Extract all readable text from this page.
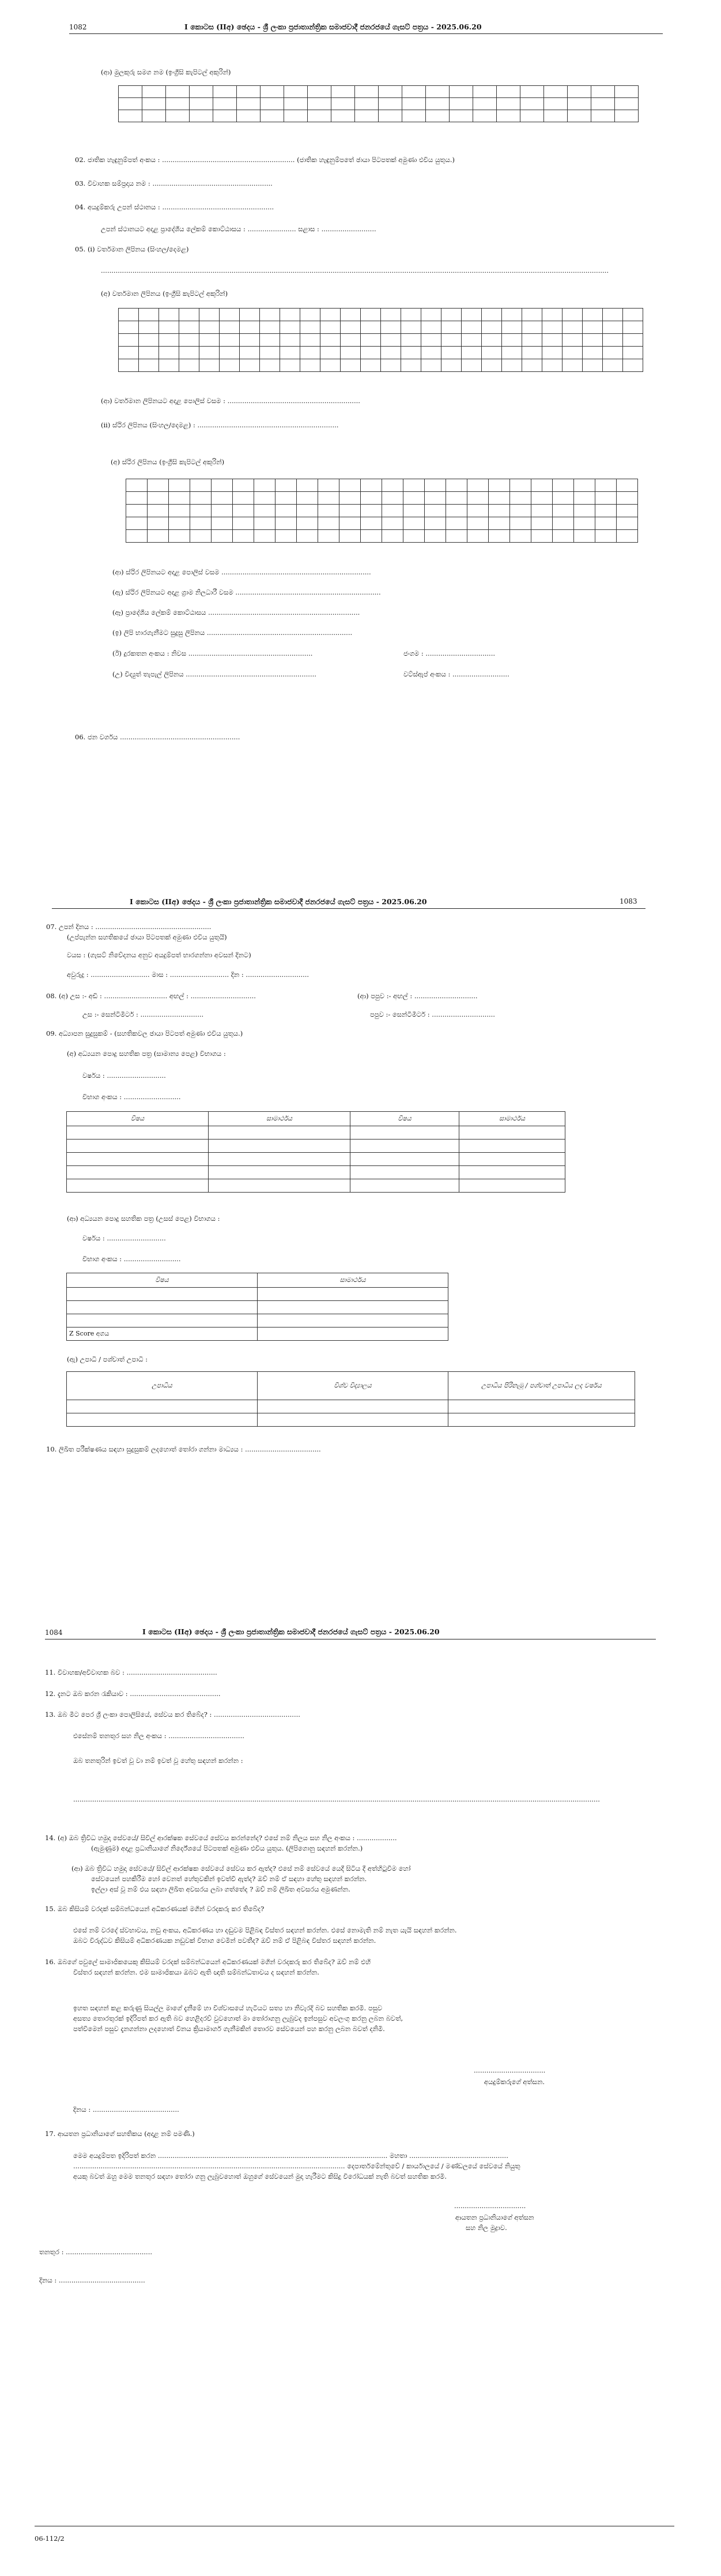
1082	I කොටස (IIඅ) ඡෙදය - ශ්‍රී ලංකා ප්‍රජාතාන්ත්‍රික සමාජවාදී ජනරජයේ ගැසට් පත්‍රය - 2025.06.20
(ආ) මුලකුරු සමග නම (ඉංග්‍රීසි කැපිටල් අකුරින්)

02. ජාතික හැඳුනුම්පත් අංකය : ............................................................... (ජාතික හැඳුනුම්පතේ ඡායා පිටපතක් අමුණා එවිය යුතුය.)
03. විවාහක සම්ප්‍රදාය නම : .........................................................
04. අයදුම්කරු උපන් ස්ථානය : .....................................................
උපන් ස්ථානයට අදාළ ප්‍රාදේශීය ලේකම් කොට්ඨාසය : ....................... සළාස : ..........................
05. (i) වර්තමාන ලිපිනය (සිංහල/දෙමළ)
.................................................................................................................................................................................................................................................
(අ) වර්තමාන ලිපිනය (ඉංග්‍රීසි කැපිටල් අකුරින්)

(ආ) වර්තමාන ලිපිනයට අදාළ පොලිස් වසම : ...............................................................
(ii) ස්ථිර ලිපිනය (සිංහල/දෙමළ) : ...................................................................
(අ) ස්ථිර ලිපිනය (ඉංග්‍රීසි කැපිටල් අකුරින්)

(ආ) ස්ථිර ලිපිනයට අදාළ පොලිස් වසම .......................................................................
(ඇ) ස්ථිර ලිපිනයට අදාළ ග්‍රාම නිලධාරී වසම .....................................................................
(ඈ) ප්‍රාදේශීය ලේකම් කොට්ඨාසය ........................................................................
(ඉ) ලිපි භාරගැනීමට සුදුසු ලිපිනය .....................................................................
(ඊ) දුරකතන අංකය : නිවස ...........................................................	ජංගම : .................................
(උ) විද්‍යුත් තැපැල් ලිපිනය ..............................................................	වට්ස්ඇප් අංකය : ...........................
06. ජන වර්ගය .........................................................
I කොටස (IIඅ) ඡෙදය - ශ්‍රී ලංකා ප්‍රජාතාන්ත්‍රික සමාජවාදී ජනරජයේ ගැසට් පත්‍රය - 2025.06.20	1083
07. උපන් දිනය : .......................................................
(උප්පැන්න සහතිකයේ ඡායා පිටපතක් අමුණා එවිය යුතුයි)
වයස : (ගැසට් නිවේදනය අනුව අයදුම්පත් භාරගන්නා අවසන් දිනට)
අවුරුදු : ............................ මාස : ............................ දින : ..............................
08. (අ) උස :- අඩි : .............................. අඟල් : ...............................	(ආ) පපුව :- අඟල් : ..............................
උස :- සෙන්ටිමීටර් : ..............................	පපුව :- සෙන්ටිමීටර් : ..............................
09. අධ්‍යාපන සුදුසුකම් - (සහතිකවල ඡායා පිටපත් අමුණා එවිය යුතුය.)
(අ) අධ්‍යයන පොදු සහතික පත්‍ර (සාමාන්‍ය පෙළ) විභාගය :
වර්ෂය : ............................
විභාග අංකය : ...........................
විෂය	සාමාර්ථය	විෂය	සාමාර්ථය

(ආ) අධ්‍යයන පොදු සහතික පත්‍ර (උසස් පෙළ) විභාගය :
වර්ෂය : ............................
විභාග අංකය : ...........................
විෂය	සාමාර්ථය

Z Score අගය	
(ඇ) උපාධි / පශ්චාත් උපාධි :
උපාධිය	විශ්ව විද්‍යාලය	උපාධිය පිරිනැමූ / පශ්චාත් උපාධිය ලද වර්ෂය

10. ලිඛිත පරීක්ෂණය සඳහා සුදුසුකම් ලදහොත් තෝරා ගන්නා මාධ්‍යය : ....................................
1084	I කොටස (IIඅ) ඡෙදය - ශ්‍රී ලංකා ප්‍රජාතාන්ත්‍රික සමාජවාදී ජනරජයේ ගැසට් පත්‍රය - 2025.06.20
11. විවාහක/අවිවාහක බව : ...........................................
12. දැනට ඔබ කරන රැකියාව : ...........................................
13. ඔබ මීට පෙර ශ්‍රී ලංකා පොලිසියේ, සේවය කර තිබේද? : .........................................
එසේනම් තනතුර සහ නිල අංකය : ....................................
ඔබ තනතුරින් ඉවත් වූ වා නම් ඉවත් වූ හේතු සඳහන් කරන්න :
..........................................................................................................................................................................................................................................................
14. (අ) ඔබ ත්‍රිවිධ හමුදා සේවයේ/ සිවිල් ආරක්ෂක සේවයේ සේවය කරන්නේද? එසේ නම් නිලය සහ නිල අංකය : ...................
(ඇමුණුම) අදාළ ප්‍රධානියාගේ නිර්දේශයේ පිටපතක් අමුණා එවිය යුතුය. (ලිපිගොනු සඳහන් කරන්න.)
(ආ) ඔබ ත්‍රිවිධ හමුදා සේවයේ/ සිවිල් ආරක්ෂක සේවයේ සේවය කර ඇත්ද? එසේ නම් සේවයේ යෙදී සිටිය දී අත්හිටුවීම හෝ
සේවයෙන් පහකිරීම හෝ වෙනත් හේතුවකින් ඉවත්වී ඇත්ද? ඔව් නම් ඒ සඳහා හේතු සඳහන් කරන්න.
ඉල්ලා අස් වූ නම් එය සඳහා ලිඛිත අවසරය ලබා ගත්තේද ? ඔව් නම් ලිඛිත අවසරය අමුණන්න.
15. ඔබ කිසියම් වරදක් සම්බන්ධයෙන් අධිකරණයක් මගින් වරදකරු කර තිබේද?
එසේ නම් වරදේ ස්වභාවය, නඩු අංකය, අධිකරණය හා දඬුවම පිළිබඳ විස්තර සඳහන් කරන්න. එසේ නොමැති නම් නැත යැයි සඳහන් කරන්න.
ඔබට විරුද්ධව කිසියම් අධිකරණයක නඩුවක් විභාග වෙමින් පවතීද? ඔව් නම් ඒ පිළිබඳ විස්තර සඳහන් කරන්න.
16. ඔබගේ පවුලේ සාමාජිකයෙකු කිසියම් වරදක් සම්බන්ධයෙන් අධිකරණයක් මගින් වරදකරු කර තිබේද? ඔව් නම් එහි
විස්තර සඳහන් කරන්න. එම සාමාජිකයා ඔබට ඇති ඥාති සම්බන්ධතාවය ද සඳහන් කරන්න.
ඉහත සඳහන් කළ කරුණු සියල්ල මාගේ දැනීමේ හා විශ්වාසයේ හැටියට සත්‍ය හා නිවැරදි බව සහතික කරමි. පසුව
අසත්‍ය තොරතුරක් ඉදිරිපත් කර ඇති බව හෙළිදරව් වුවහොත් මා තෝරාගනු ලැබුවද ඉන්පසුව අවලංගු කරනු ලබන බවත්,
පත්වීමෙන් පසුව දැනගන්නා ලදහොත් විනය ක්‍රියාමාර්ග ගැනීමකින් තොරව සේවයෙන් පහ කරනු ලබන බවත් දනිමි.
..................................
අයදුම්කරුගේ අත්සන.
දිනය : .........................................
17. ආයතන ප්‍රධානියාගේ සහතිකය (අදාළ නම් පමණි.)
මෙම අයදුම්පත ඉදිරිපත් කරන ............................................................................................................. මහතා ...............................................
................................................................................................................................. දෙපාර්තමේන්තුවේ / කාර්යාලයේ / මණ්ඩලයේ සේවයේ නියුතු
අයකු බවත් ඔහු මෙම තනතුර සඳහා තෝරා ගනු ලැබුවහොත් ඔහුගේ සේවයෙන් මුදා හැරීමට කිසිදු විරෝධයක් නැති බවත් සහතික කරමි.
..................................
ආයතන ප්‍රධානියාගේ අත්සන
සහ නිල මුද්‍රාව.
තනතුර : .........................................
දිනය : .........................................
06-112/2
